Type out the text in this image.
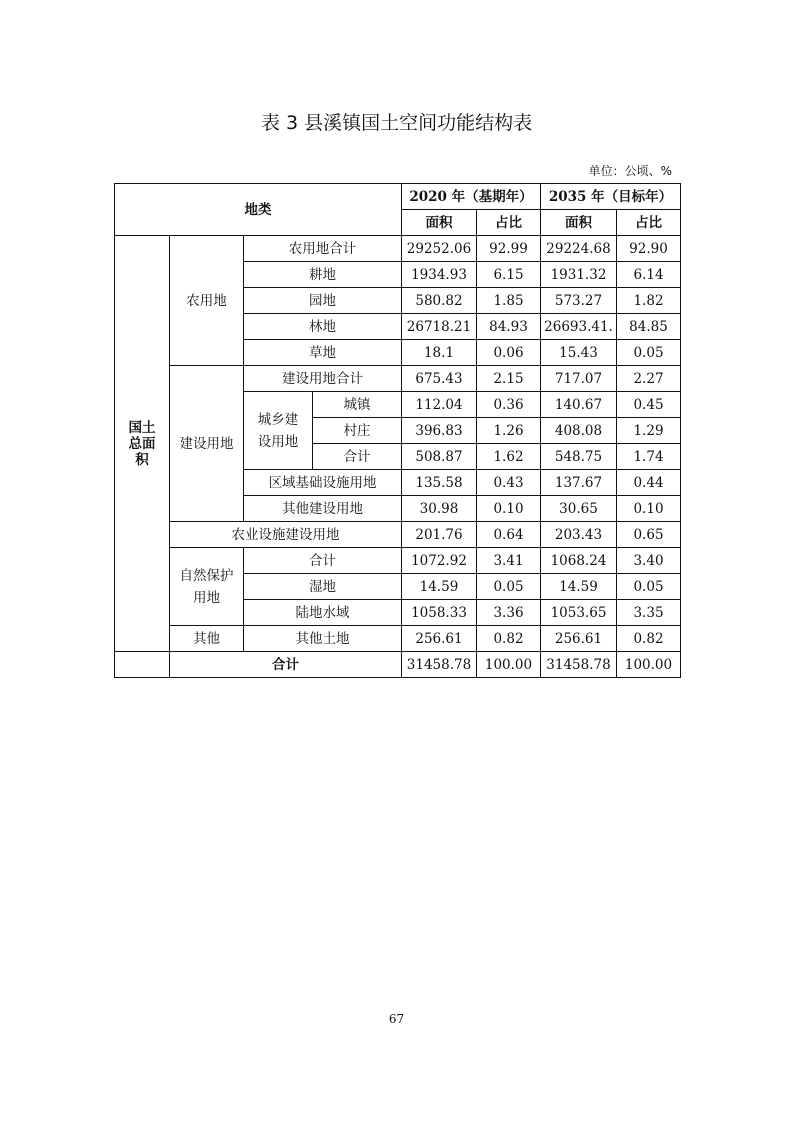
表 3 县溪镇国土空间功能结构表
单位：公顷、%
地类				2020 年（基期年）		2035 年（目标年）	
				面积	占比	面积	占比
国土总面积	农用地	农用地合计		29252.06	92.99	29224.68	92.90
		耕地		1934.93	6.15	1931.32	6.14
		园地		580.82	1.85	573.27	1.82
		林地		26718.21	84.93	26693.41.	84.85
		草地		18.1	0.06	15.43	0.05
	建设用地	建设用地合计		675.43	2.15	717.07	2.27
		城乡建设用地	城镇	112.04	0.36	140.67	0.45
			村庄	396.83	1.26	408.08	1.29
			合计	508.87	1.62	548.75	1.74
		区域基础设施用地		135.58	0.43	137.67	0.44
		其他建设用地		30.98	0.10	30.65	0.10
	农业设施建设用地			201.76	0.64	203.43	0.65
	自然保护用地	合计		1072.92	3.41	1068.24	3.40
		湿地		14.59	0.05	14.59	0.05
		陆地水域		1058.33	3.36	1053.65	3.35
	其他	其他土地		256.61	0.82	256.61	0.82
	合计			31458.78	100.00	31458.78	100.00
67
